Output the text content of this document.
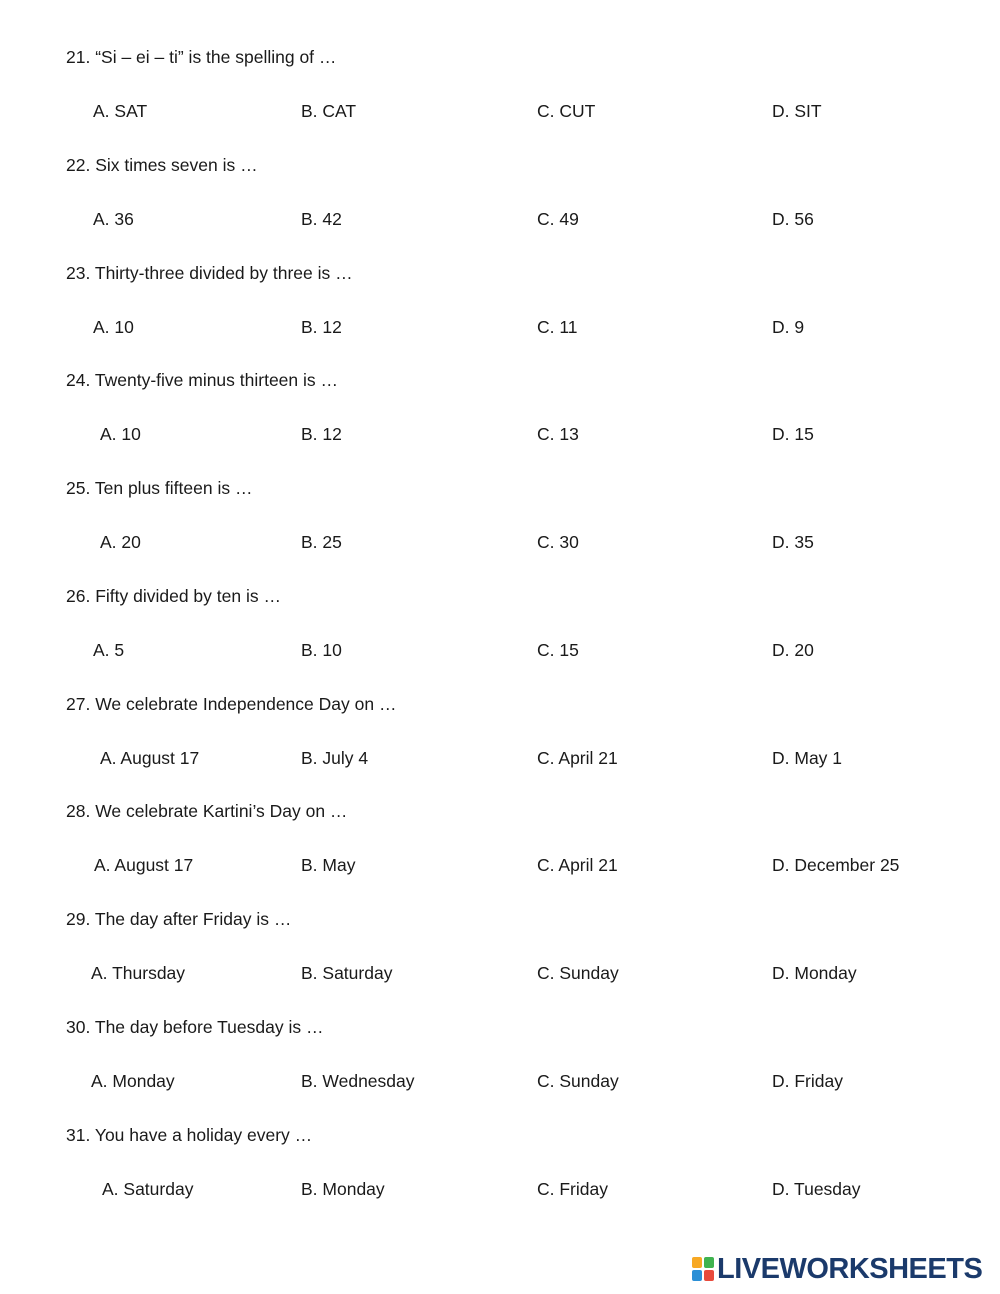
21. “Si – ei – ti” is the spelling of …
A. SAT	B. CAT	C. CUT	D. SIT
22. Six times seven is …
A. 36	B. 42	C. 49	D. 56
23. Thirty-three divided by three is …
A. 10	B. 12	C. 11	D. 9
24. Twenty-five minus thirteen is …
A. 10	B. 12	C. 13	D. 15
25. Ten plus fifteen is …
A. 20	B. 25	C. 30	D. 35
26. Fifty divided by ten is …
A. 5	B. 10	C. 15	D. 20
27. We celebrate Independence Day on …
A. August 17	B. July 4	C. April 21	D. May 1
28. We celebrate Kartini’s Day on …
A. August 17	B. May	C. April 21	D. December 25
29. The day after Friday is …
A. Thursday	B. Saturday	C. Sunday	D. Monday
30. The day before Tuesday is …
A. Monday	B. Wednesday	C. Sunday	D. Friday
31. You have a holiday every …
A. Saturday	B. Monday	C. Friday	D. Tuesday
LIVEWORKSHEETS
